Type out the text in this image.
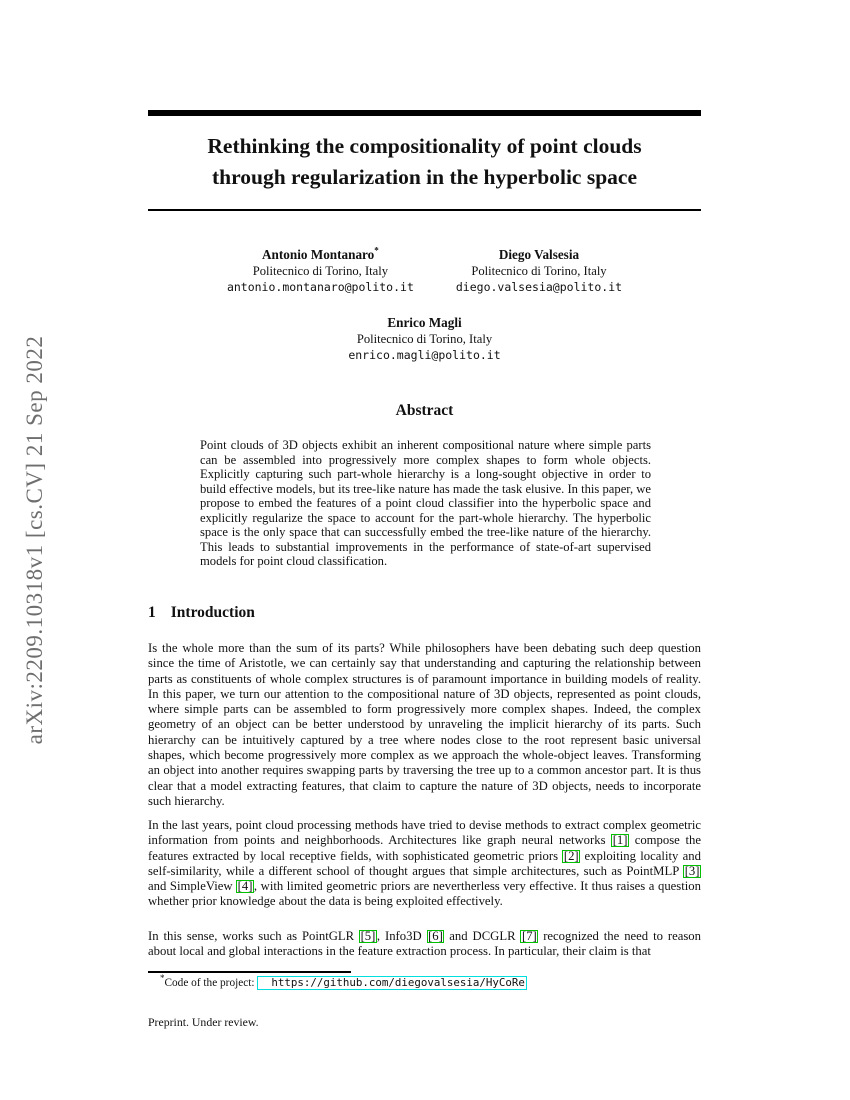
arXiv:2209.10318v1 [cs.CV] 21 Sep 2022
Rethinking the compositionality of point clouds
through regularization in the hyperbolic space
Antonio Montanaro*
Politecnico di Torino, Italy
antonio.montanaro@polito.it
Diego Valsesia
Politecnico di Torino, Italy
diego.valsesia@polito.it
Enrico Magli
Politecnico di Torino, Italy
enrico.magli@polito.it
Abstract
Point clouds of 3D objects exhibit an inherent compositional nature where simple parts can be assembled into progressively more complex shapes to form whole objects. Explicitly capturing such part-whole hierarchy is a long-sought objective in order to build effective models, but its tree-like nature has made the task elusive. In this paper, we propose to embed the features of a point cloud classifier into the hyperbolic space and explicitly regularize the space to account for the part-whole hierarchy. The hyperbolic space is the only space that can successfully embed the tree-like nature of the hierarchy. This leads to substantial improvements in the performance of state-of-art supervised models for point cloud classification.
1 Introduction
Is the whole more than the sum of its parts? While philosophers have been debating such deep question since the time of Aristotle, we can certainly say that understanding and capturing the relationship between parts as constituents of whole complex structures is of paramount importance in building models of reality. In this paper, we turn our attention to the compositional nature of 3D objects, represented as point clouds, where simple parts can be assembled to form progressively more complex shapes. Indeed, the complex geometry of an object can be better understood by unraveling the implicit hierarchy of its parts. Such hierarchy can be intuitively captured by a tree where nodes close to the root represent basic universal shapes, which become progressively more complex as we approach the whole-object leaves. Transforming an object into another requires swapping parts by traversing the tree up to a common ancestor part. It is thus clear that a model extracting features, that claim to capture the nature of 3D objects, needs to incorporate such hierarchy.
In the last years, point cloud processing methods have tried to devise methods to extract complex geometric information from points and neighborhoods. Architectures like graph neural networks [1] compose the features extracted by local receptive fields, with sophisticated geometric priors [2] exploiting locality and self-similarity, while a different school of thought argues that simple architectures, such as PointMLP [3] and SimpleView [4] , with limited geometric priors are nevertherless very effective. It thus raises a question whether prior knowledge about the data is being exploited effectively.
In this sense, works such as PointGLR [5] , Info3D [6] and DCGLR [7] recognized the need to reason about local and global interactions in the feature extraction process. In particular, their claim is that
*Code of the project: https://github.com/diegovalsesia/HyCoRe
Preprint. Under review.
